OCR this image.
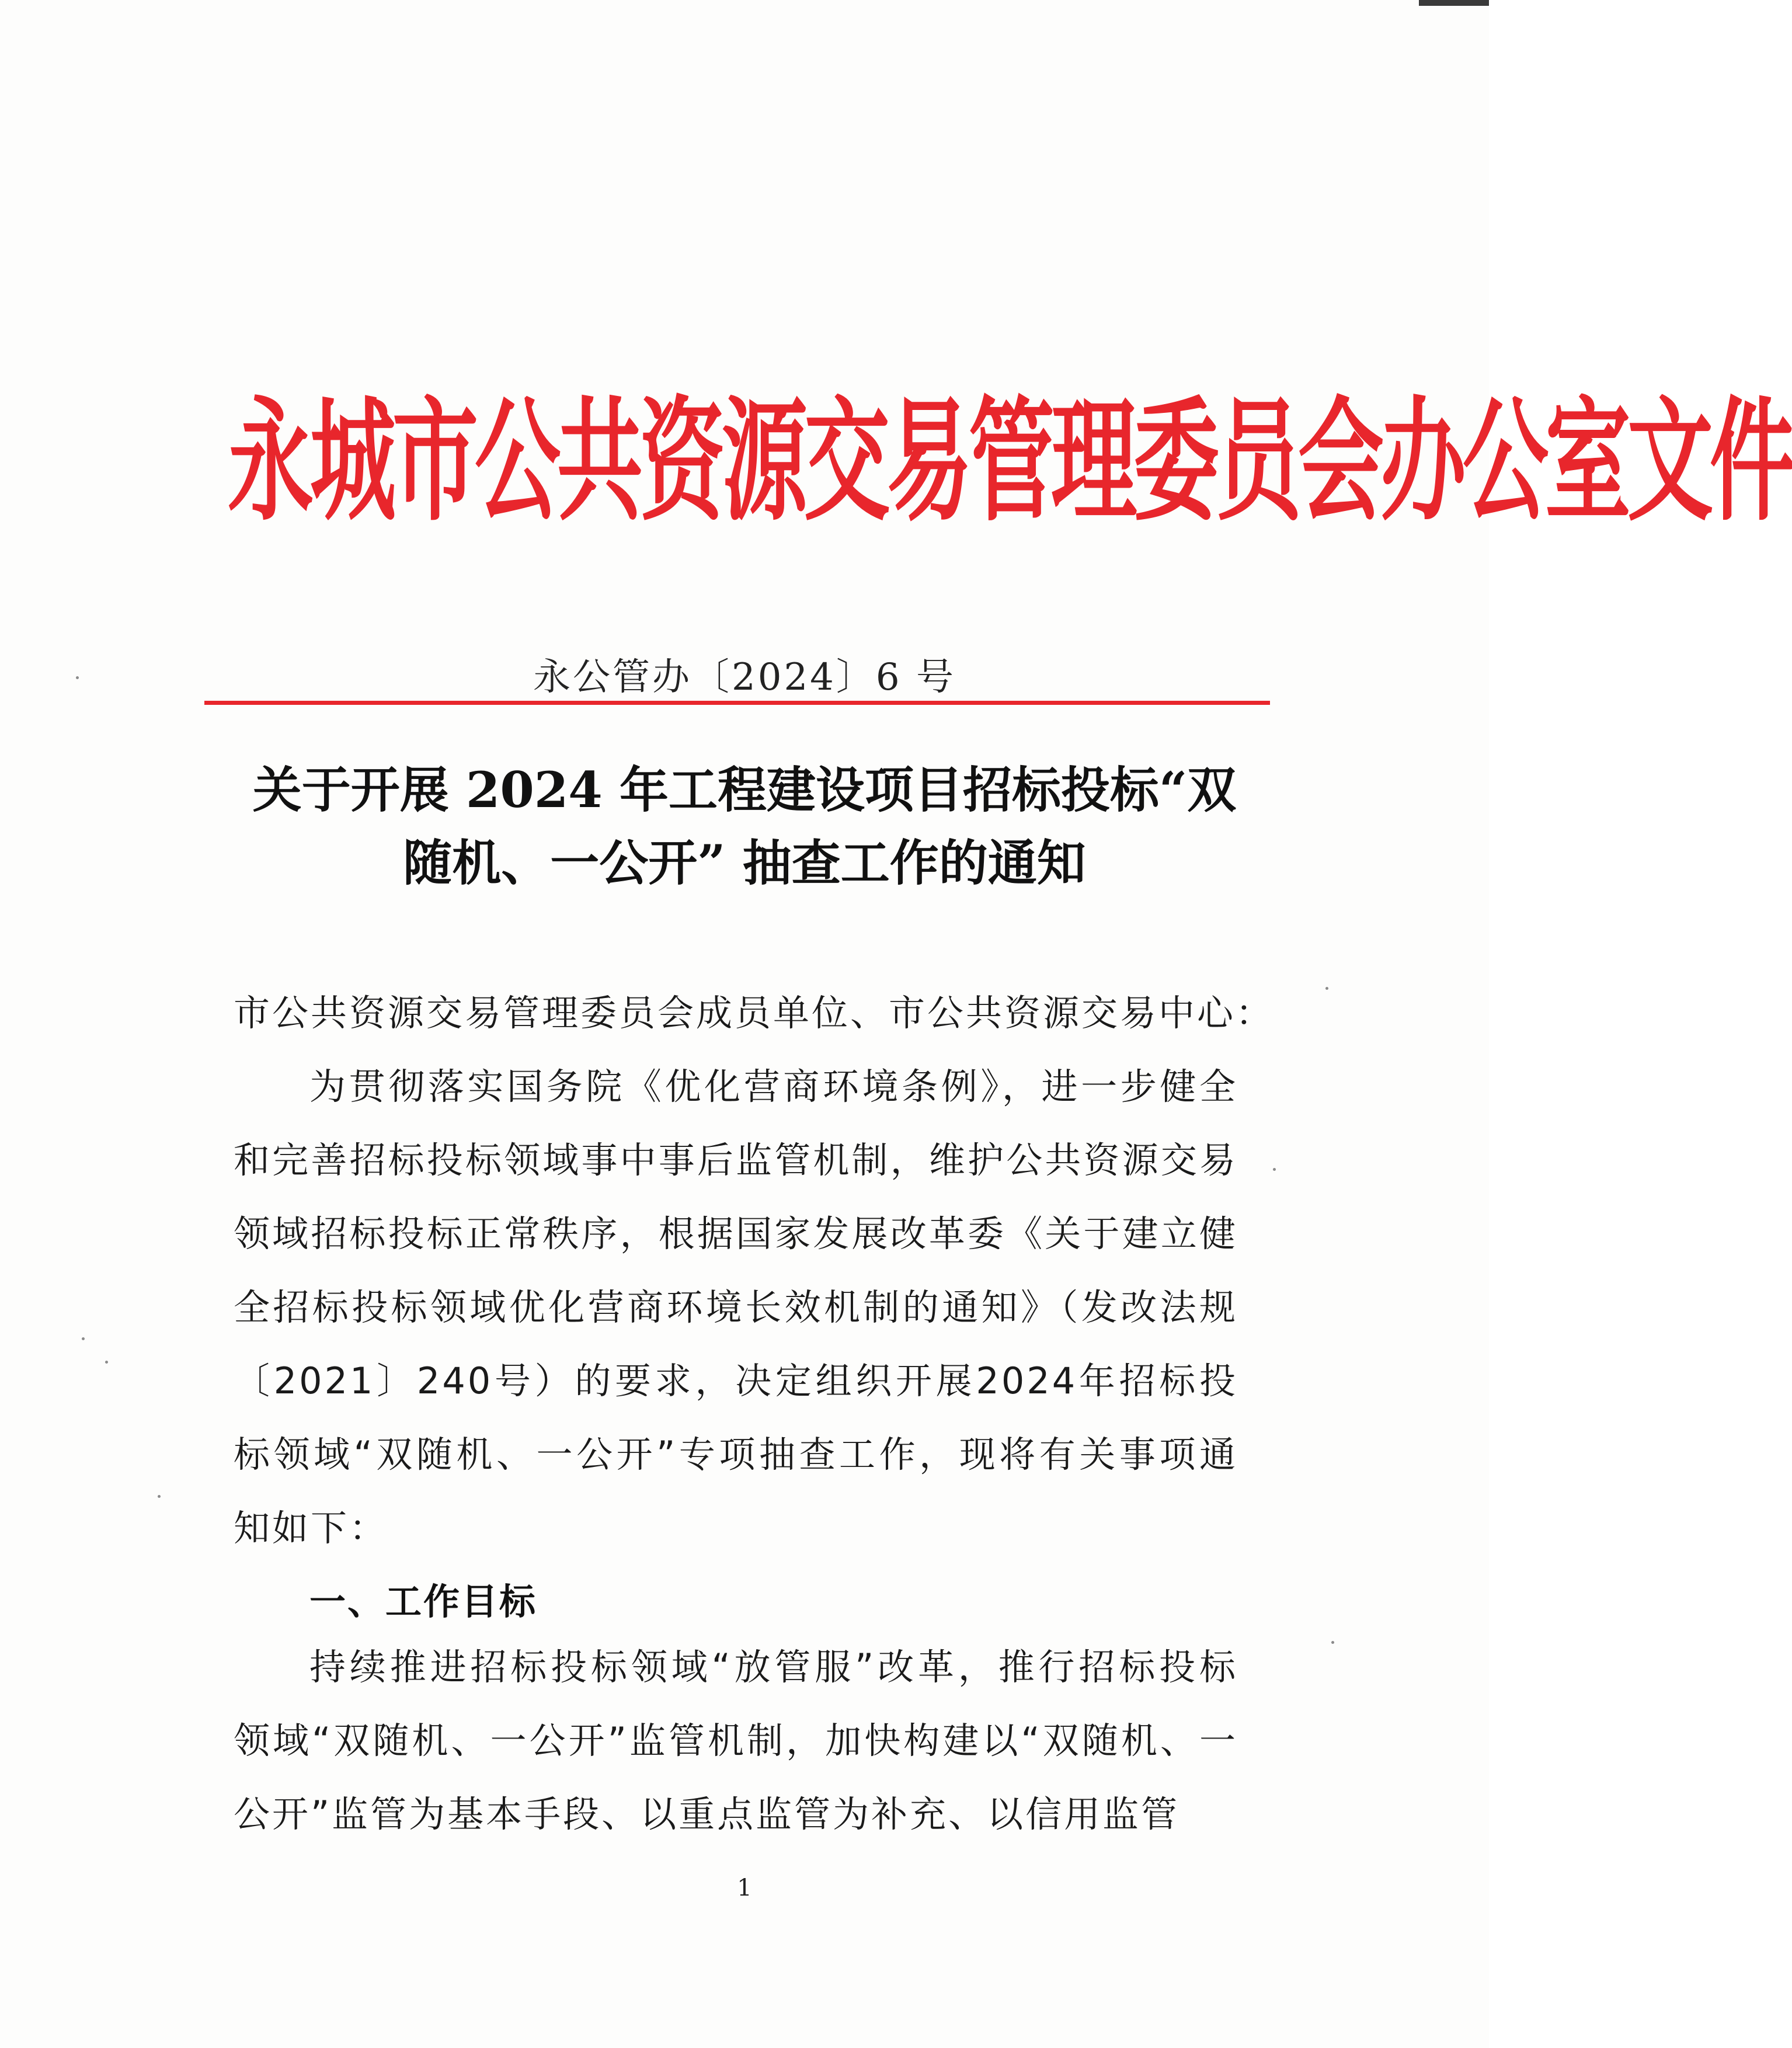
永城市公共资源交易管理委员会办公室文件
永公管办〔2024〕6 号
关于开展 2024 年工程建设项目招标投标“双
随机、一公开” 抽查工作的通知
市公共资源交易管理委员会成员单位、市公共资源交易中心：
为贯彻落实国务院《优化营商环境条例》，进一步健全和完善招标投标领域事中事后监管机制，维护公共资源交易领域招标投标正常秩序，根据国家发展改革委《关于建立健全招标投标领域优化营商环境长效机制的通知》（发改法规〔2021〕240号）的要求，决定组织开展2024年招标投标领域“双随机、一公开”专项抽查工作，现将有关事项通知如下：
一、工作目标
持续推进招标投标领域“放管服”改革，推行招标投标领域“双随机、一公开”监管机制，加快构建以“双随机、一公开”监管为基本手段、以重点监管为补充、以信用监管
1
